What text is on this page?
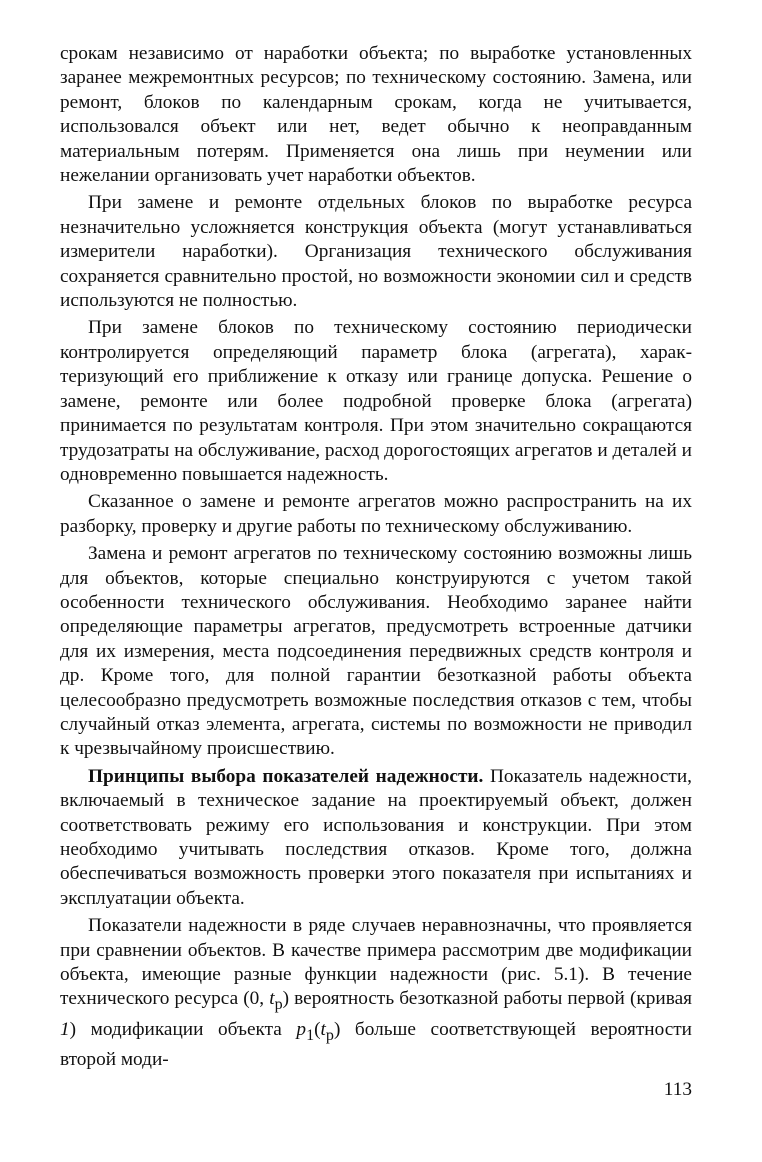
срокам независимо от наработки объекта; по выработке установленных заранее межремонтных ресурсов; по техническому состоянию. Замена, или ремонт, блоков по календарным срокам, когда не учитывается, использовался объект или нет, ведет обычно к неоправданным материальным потерям. Применяется она лишь при неумении или нежелании организовать учет наработки объектов.

При замене и ремонте отдельных блоков по выработке ресурса незначительно усложняется конструкция объекта (могут устанавливаться измерители наработки). Организация технического обслуживания сохраняется сравнительно простой, но возможности экономии сил и средств используются не полностью.

При замене блоков по техническому состоянию периодически контролируется определяющий параметр блока (агрегата), характеризующий его приближение к отказу или границе допуска. Решение о замене, ремонте или более подробной проверке блока (агрегата) принимается по результатам контроля. При этом значительно сокращаются трудозатраты на обслуживание, расход дорогостоящих агрегатов и деталей и одновременно повышается надежность.

Сказанное о замене и ремонте агрегатов можно распространить на их разборку, проверку и другие работы по техническому обслуживанию.

Замена и ремонт агрегатов по техническому состоянию возможны лишь для объектов, которые специально конструируются с учетом такой особенности технического обслуживания. Необходимо заранее найти определяющие параметры агрегатов, предусмотреть встроенные датчики для их измерения, места подсоединения передвижных средств контроля и др. Кроме того, для полной гарантии безотказной работы объекта целесообразно предусмотреть возможные последствия отказов с тем, чтобы случайный отказ элемента, агрегата, системы по возможности не приводил к чрезвычайному происшествию.

Принципы выбора показателей надежности. Показатель надежности, включаемый в техническое задание на проектируемый объект, должен соответствовать режиму его использования и конструкции. При этом необходимо учитывать последствия отказов. Кроме того, должна обеспечиваться возможность проверки этого показателя при испытаниях и эксплуатации объекта.

Показатели надежности в ряде случаев неравнозначны, что проявляется при сравнении объектов. В качестве примера рассмотрим две модификации объекта, имеющие разные функции надежности (рис. 5.1). В течение технического ресурса (0, $t_р$) вероятность безотказной работы первой (кривая 1) модификации объекта $p_1(t_р)$ больше соответствующей вероятности второй моди-

113
